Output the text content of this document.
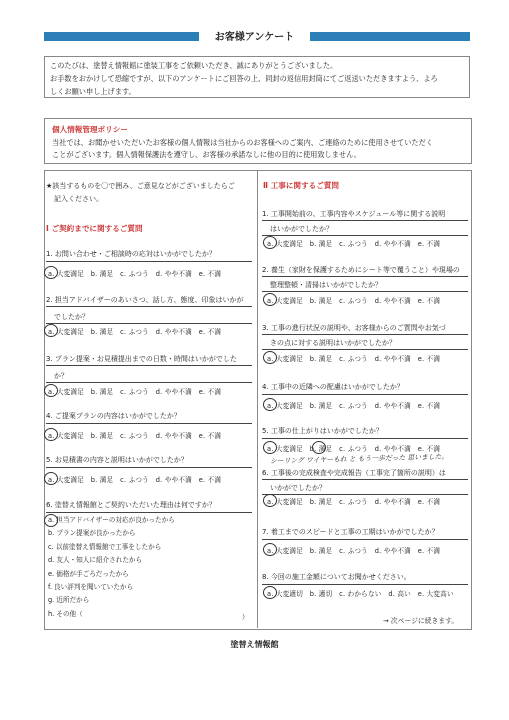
お客様アンケート

このたびは、塗替え情報館に塗装工事をご依頼いただき、誠にありがとうございました。

お手数をおかけして恐縮ですが、以下のアンケートにご回答の上、同封の返信用封筒にてご返送いただきますよう、よろ

しくお願い申し上げます。

個人情報管理ポリシー
当社では、お聞かせいただいたお客様の個人情報は当社からのお客様へのご案内、ご連絡のために使用させていただく
ことがございます。個人情報保護法を遵守し、お客様の承諾なしに他の目的に使用致しません。
★該当するものを〇で囲み、ご意見などがございましたらご
記入ください。
Ⅰ ご契約までに関するご質問
1. お問い合わせ・ご相談時の応対はいかがでしたか？
a. 大変満足　b. 満足　c. ふつう　d. やや不満　e. 不満
2. 担当アドバイザーのあいさつ、話し方、態度、印象はいかが
でしたか？
a. 大変満足　b. 満足　c. ふつう　d. やや不満　e. 不満
3. プラン提案・お見積提出までの日数・時間はいかがでした
か？
a. 大変満足　b. 満足　c. ふつう　d. やや不満　e. 不満
4. ご提案プランの内容はいかがでしたか？
a. 大変満足　b. 満足　c. ふつう　d. やや不満　e. 不満
5. お見積書の内容と説明はいかがでしたか？
a. 大変満足　b. 満足　c. ふつう　d. やや不満　e. 不満
6. 塗替え情報館とご契約いただいた理由は何ですか？
a. 担当アドバイザーの対応が良かったから
b. プラン提案が良かったから
c. 以前塗替え情報館で工事をしたから
d. 友人・知人に紹介されたから
e. 価格が手ごろだったから
f. 良い評判を聞いていたから
g. 近所だから
h. その他（	）
Ⅱ 工事に関するご質問
1. 工事開始前の、工事内容やスケジュール等に関する説明
はいかがでしたか？
a. 大変満足　b. 満足　c. ふつう　d. やや不満　e. 不満
2. 養生（家財を保護するためにシート等で覆うこと）や現場の
整理整頓・清掃はいかがでしたか？
a. 大変満足　b. 満足　c. ふつう　d. やや不満　e. 不満
3. 工事の進行状況の説明や、お客様からのご質問やお気づ
きの点に対する説明はいかがでしたか？
a. 大変満足　b. 満足　c. ふつう　d. やや不満　e. 不満
4. 工事中の近隣への配慮はいかがでしたか？
a. 大変満足　b. 満足　c. ふつう　d. やや不満　e. 不満
5. 工事の仕上がりはいかがでしたか？
a. 大変満足　b. 満足　c. ふつう　d. やや不満　e. 不満
シーリング ワイヤーもれ と もう一歩だった 思いました。
6. 工事後の完成検査や完成報告（工事完了箇所の説明）は
いかがでしたか？
a. 大変満足　b. 満足　c. ふつう　d. やや不満　e. 不満
7. 着工までのスピードと工事の工期はいかがでしたか？
a. 大変満足　b. 満足　c. ふつう　d. やや不満　e. 不満
8. 今回の施工金額についてお聞かせください。
a. 大変適切　b. 適切　c. わからない　d. 高い　e. 大変高い
→ 次ページに続きます。
塗替え情報館
